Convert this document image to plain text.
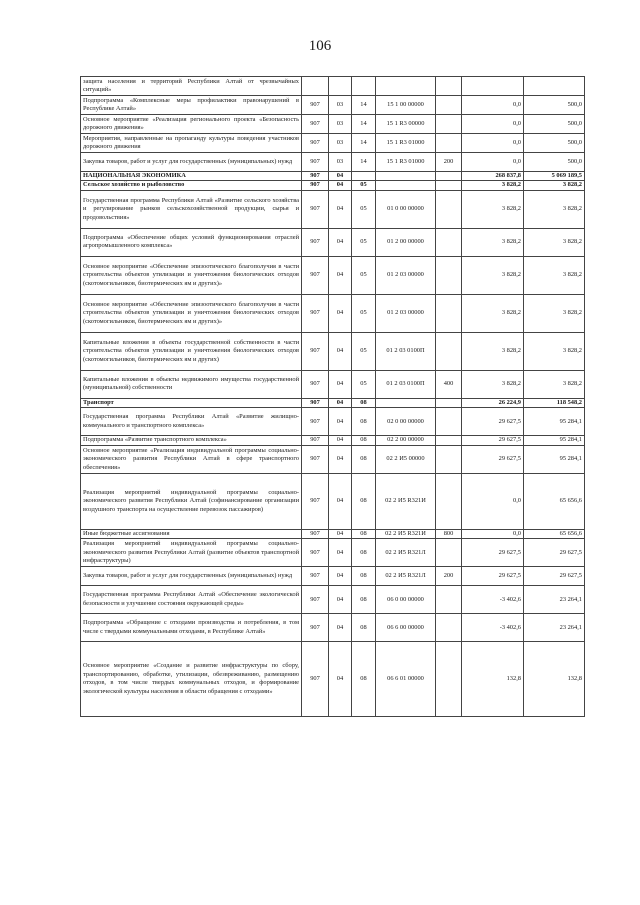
106
защита населения и территорий Республики Алтай от чрезвычайных ситуаций»							
Подпрограмма «Комплексные меры профилактики правонарушений в Республике Алтай»	907	03	14	15 1 00 00000		0,0	500,0
Основное мероприятие «Реализация регионального проекта «Безопасность дорожного движения»	907	03	14	15 1 R3 00000		0,0	500,0
Мероприятия, направленные на пропаганду культуры поведения участников дорожного движения	907	03	14	15 1 R3 01000		0,0	500,0
Закупка товаров, работ и услуг для государственных (муниципальных) нужд	907	03	14	15 1 R3 01000	200	0,0	500,0
НАЦИОНАЛЬНАЯ ЭКОНОМИКА	907	04				268 837,8	5 069 189,5
Сельское хозяйство и рыболовство	907	04	05			3 828,2	3 828,2
Государственная программа Республики Алтай «Развитие сельского хозяйства и регулирование рынков сельскохозяйственной продукции, сырья и продовольствия»	907	04	05	01 0 00 00000		3 828,2	3 828,2
Подпрограмма «Обеспечение общих условий функционирования отраслей агропромышленного комплекса»	907	04	05	01 2 00 00000		3 828,2	3 828,2
Основное мероприятие «Обеспечение эпизоотического благополучия в части строительства объектов утилизации и уничтожения биологических отходов (скотомогильников, биотермических ям и других)»	907	04	05	01 2 03 00000		3 828,2	3 828,2
Основное мероприятие «Обеспечение эпизоотического благополучия в части строительства объектов утилизации и уничтожения биологических отходов (скотомогильников, биотермических ям и других)»	907	04	05	01 2 03 00000		3 828,2	3 828,2
Капитальные вложения в объекты государственной собственности в части строительства объектов утилизации и уничтожения биологических отходов (скотомогильников, биотермических ям и других)	907	04	05	01 2 03 0100П		3 828,2	3 828,2
Капитальные вложения в объекты недвижимого имущества государственной (муниципальной) собственности	907	04	05	01 2 03 0100П	400	3 828,2	3 828,2
Транспорт	907	04	08			26 224,9	118 548,2
Государственная программа Республики Алтай «Развитие жилищно-коммунального и транспортного комплекса»	907	04	08	02 0 00 00000		29 627,5	95 284,1
Подпрограмма «Развитие транспортного комплекса»	907	04	08	02 2 00 00000		29 627,5	95 284,1
Основное мероприятие «Реализация индивидуальной программы социально-экономического развития Республики Алтай в сфере транспортного обеспечения»	907	04	08	02 2 И5 00000		29 627,5	95 284,1
Реализация мероприятий индивидуальной программы социально-экономического развития Республики Алтай (софинансирование организации воздушного транспорта на осуществление перевозок пассажиров)	907	04	08	02 2 И5 R321И		0,0	65 656,6
Иные бюджетные ассигнования	907	04	08	02 2 И5 R321И	800	0,0	65 656,6
Реализация мероприятий индивидуальной программы социально-экономического развития Республики Алтай (развитие объектов транспортной инфраструктуры)	907	04	08	02 2 И5 R321Л		29 627,5	29 627,5
Закупка товаров, работ и услуг для государственных (муниципальных) нужд	907	04	08	02 2 И5 R321Л	200	29 627,5	29 627,5
Государственная программа Республики Алтай «Обеспечение экологической безопасности и улучшение состояния окружающей среды»	907	04	08	06 0 00 00000		-3 402,6	23 264,1
Подпрограмма «Обращение с отходами производства и потребления, в том числе с твердыми коммунальными отходами, в Республике Алтай»	907	04	08	06 6 00 00000		-3 402,6	23 264,1
Основное мероприятие «Создание и развитие инфраструктуры по сбору, транспортированию, обработке, утилизации, обезвреживанию, размещению отходов, в том числе твердых коммунальных отходов, и формирование экологической культуры населения в области обращения с отходами»	907	04	08	06 6 01 00000		132,8	132,8
